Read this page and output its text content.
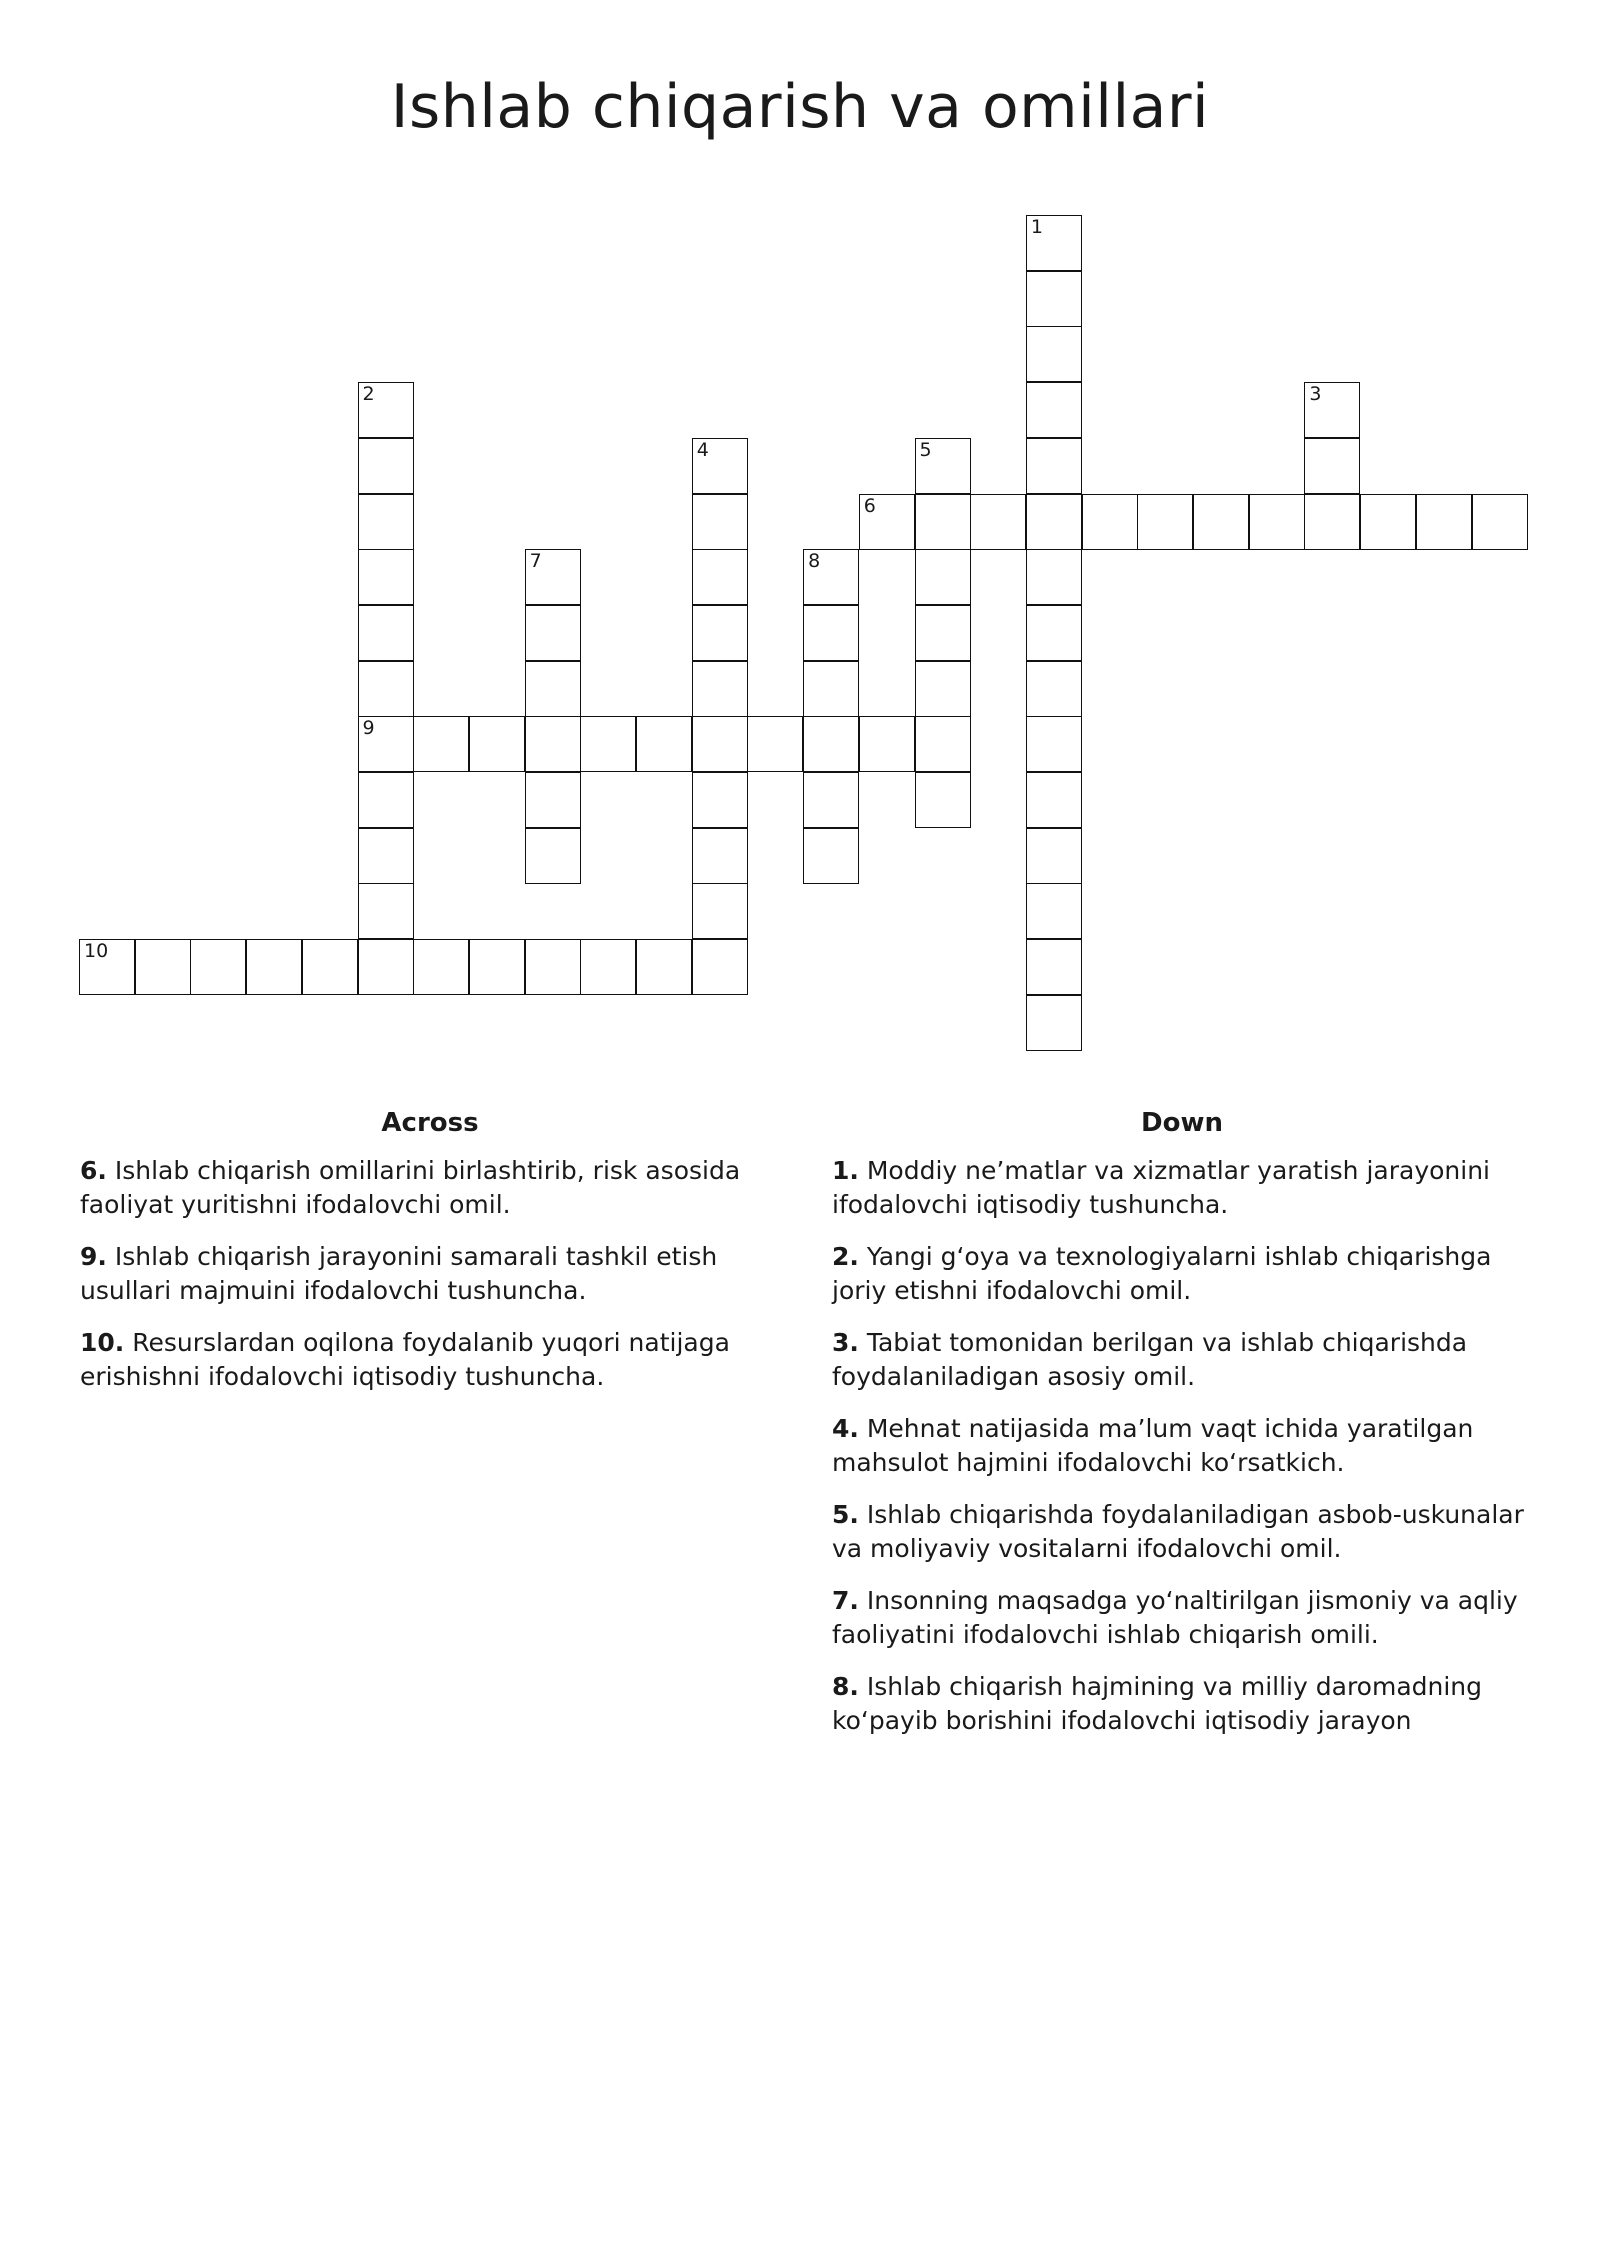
Ishlab chiqarish va omillari
1
2
9
3
4	5
6
7	8
10
Across

6. Ishlab chiqarish omillarini birlashtirib, risk asosida faoliyat yuritishni ifodalovchi omil.

9. Ishlab chiqarish jarayonini samarali tashkil etish usullari majmuini ifodalovchi tushuncha.

10. Resurslardan oqilona foydalanib yuqori natijaga erishishni ifodalovchi iqtisodiy tushuncha.

Down

1. Moddiy ne’matlar va xizmatlar yaratish jarayonini ifodalovchi iqtisodiy tushuncha.

2. Yangi g‘oya va texnologiyalarni ishlab chiqarishga joriy etishni ifodalovchi omil.

3. Tabiat tomonidan berilgan va ishlab chiqarishda foydalaniladigan asosiy omil.

4. Mehnat natijasida ma’lum vaqt ichida yaratilgan mahsulot hajmini ifodalovchi ko‘rsatkich.

5. Ishlab chiqarishda foydalaniladigan asbob-uskunalar va moliyaviy vositalarni ifodalovchi omil.

7. Insonning maqsadga yo‘naltirilgan jismoniy va aqliy faoliyatini ifodalovchi ishlab chiqarish omili.

8. Ishlab chiqarish hajmining va milliy daromadning ko‘payib borishini ifodalovchi iqtisodiy jarayon
